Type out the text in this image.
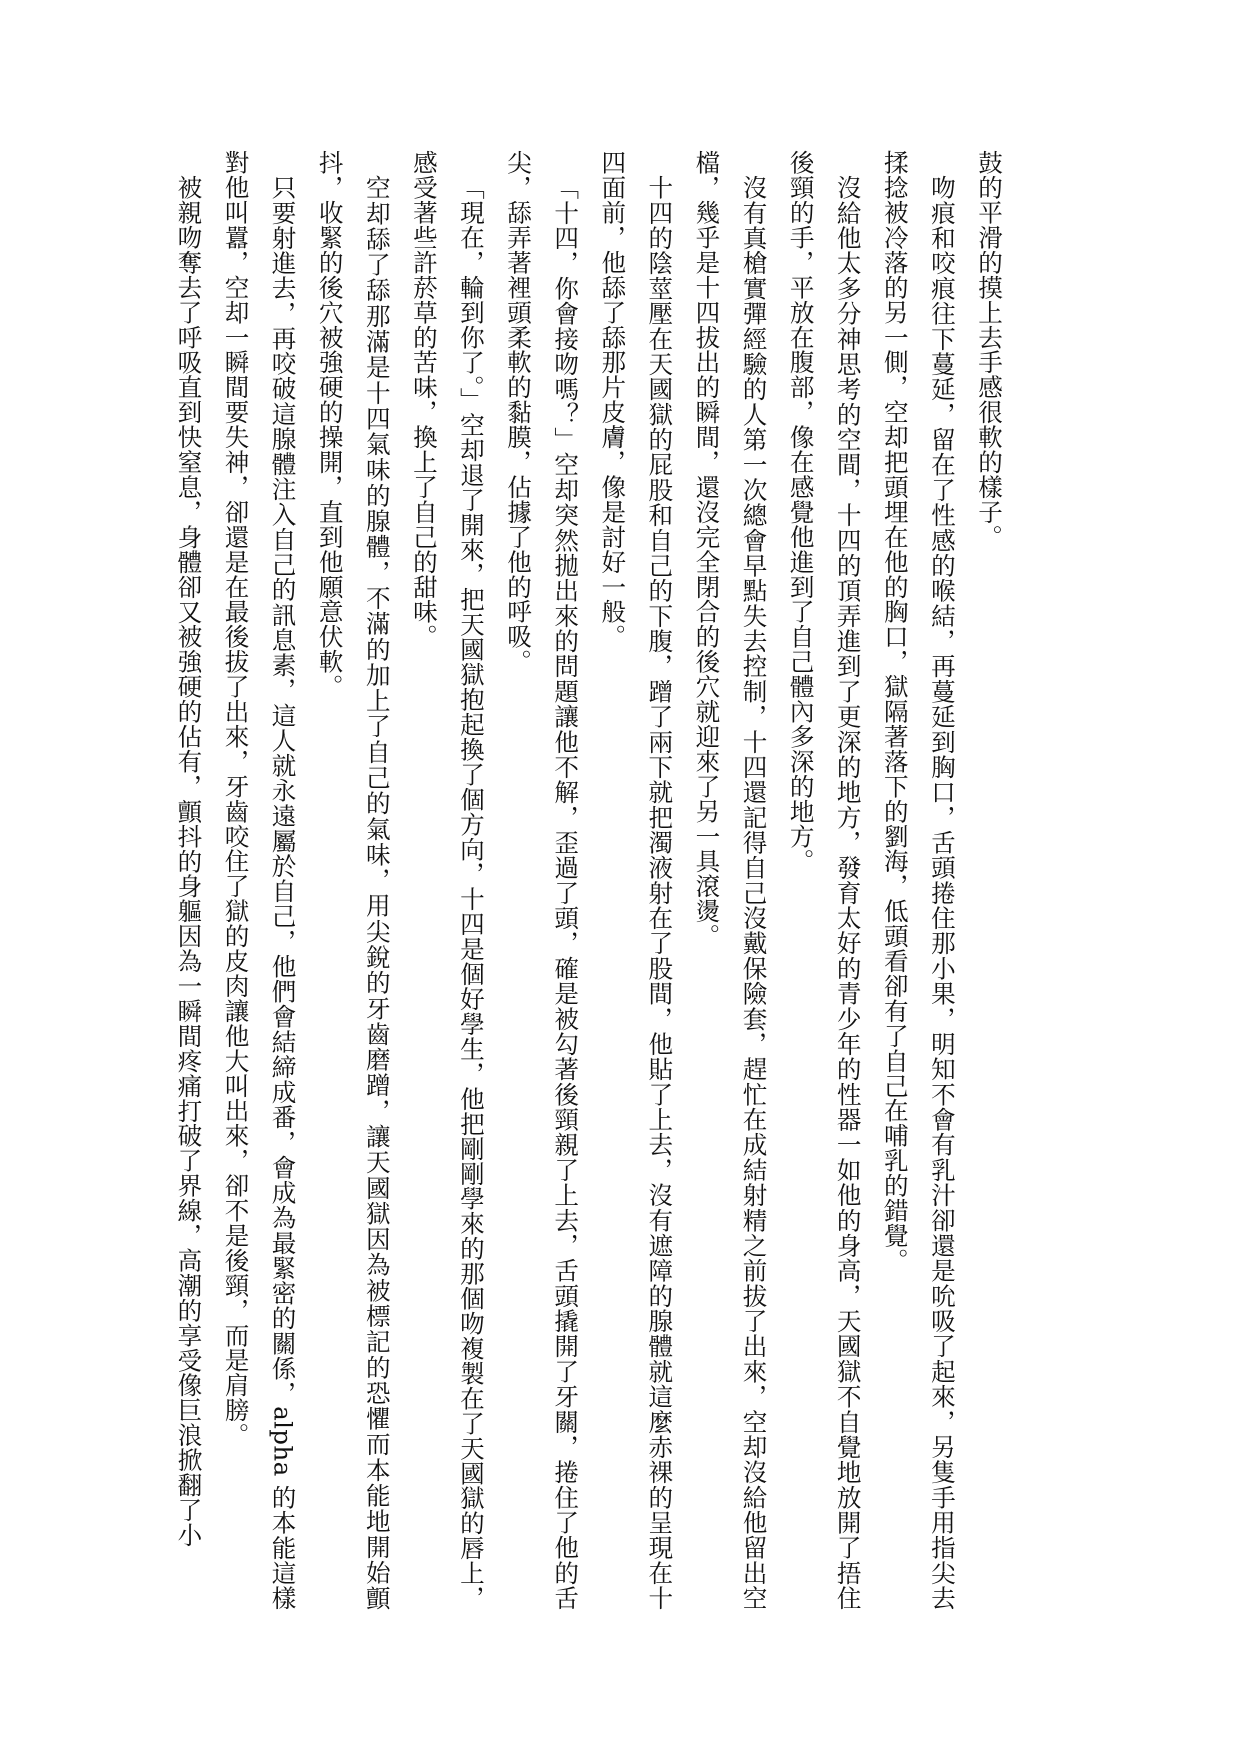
鼓的平滑的摸上去手感很軟的樣子。

吻痕和咬痕往下蔓延，留在了性感的喉結，再蔓延到胸口，舌頭捲住那小果，明知不會有乳汁卻還是吮吸了起來，另隻手用指尖去揉捻被冷落的另一側，空却把頭埋在他的胸口，獄隔著落下的劉海，低頭看卻有了自己在哺乳的錯覺。

沒給他太多分神思考的空間，十四的頂弄進到了更深的地方，發育太好的青少年的性器一如他的身高，天國獄不自覺地放開了捂住後頸的手，平放在腹部，像在感覺他進到了自己體內多深的地方。

沒有真槍實彈經驗的人第一次總會早點失去控制，十四還記得自己沒戴保險套，趕忙在成結射精之前拔了出來，空却沒給他留出空檔，幾乎是十四拔出的瞬間，還沒完全閉合的後穴就迎來了另一具滾燙。

十四的陰莖壓在天國獄的屁股和自己的下腹，蹭了兩下就把濁液射在了股間，他貼了上去，沒有遮障的腺體就這麼赤裸的呈現在十四面前，他舔了舔那片皮膚，像是討好一般。

「十四，你會接吻嗎？」空却突然拋出來的問題讓他不解，歪過了頭，確是被勾著後頸親了上去，舌頭撬開了牙關，捲住了他的舌尖，舔弄著裡頭柔軟的黏膜，佔據了他的呼吸。

「現在，輪到你了。」空却退了開來，把天國獄抱起換了個方向，十四是個好學生，他把剛剛學來的那個吻複製在了天國獄的唇上，感受著些許菸草的苦味，換上了自己的甜味。

空却舔了舔那滿是十四氣味的腺體，不滿的加上了自己的氣味，用尖銳的牙齒磨蹭，讓天國獄因為被標記的恐懼而本能地開始顫抖，收緊的後穴被強硬的操開，直到他願意伏軟。

只要射進去，再咬破這腺體注入自己的訊息素，這人就永遠屬於自己，他們會結締成番，會成為最緊密的關係，alpha 的本能這樣對他叫囂，空却一瞬間要失神，卻還是在最後拔了出來，牙齒咬住了獄的皮肉讓他大叫出來，卻不是後頸，而是肩膀。

被親吻奪去了呼吸直到快窒息，身體卻又被強硬的佔有，顫抖的身軀因為一瞬間疼痛打破了界線，高潮的享受像巨浪掀翻了小
